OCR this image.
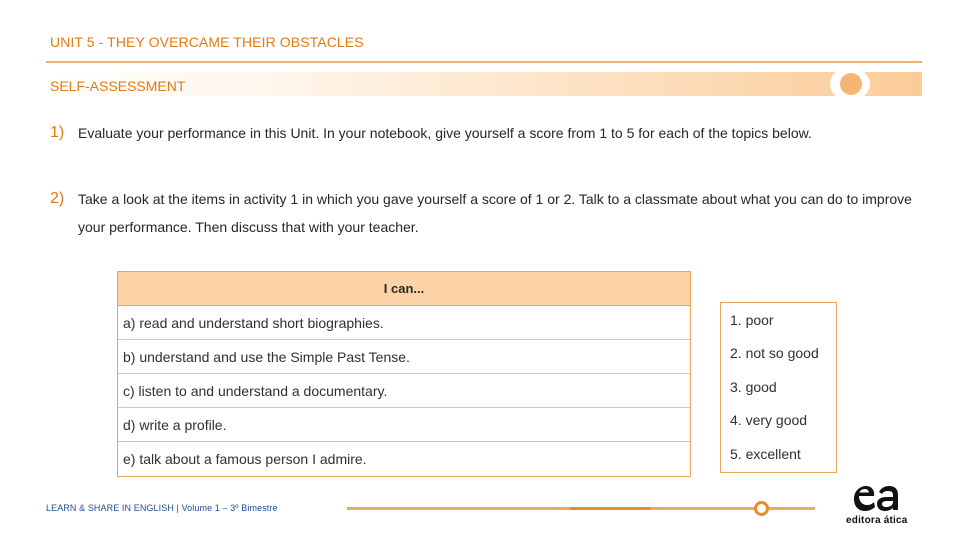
UNIT 5 - THEY OVERCAME THEIR OBSTACLES
SELF-ASSESSMENT
1) Evaluate your performance in this Unit. In your notebook, give yourself a score from 1 to 5 for each of the topics below.
2) Take a look at the items in activity 1 in which you gave yourself a score of 1 or 2. Talk to a classmate about what you can do to improve your performance. Then discuss that with your teacher.
I can...
a) read and understand short biographies.
b) understand and use the Simple Past Tense.
c) listen to and understand a documentary.
d) write a profile.
e) talk about a famous person I admire.
1. poor
2. not so good
3. good
4. very good
5. excellent
LEARN & SHARE IN ENGLISH | Volume 1 – 3º Bimestre
editora ática
